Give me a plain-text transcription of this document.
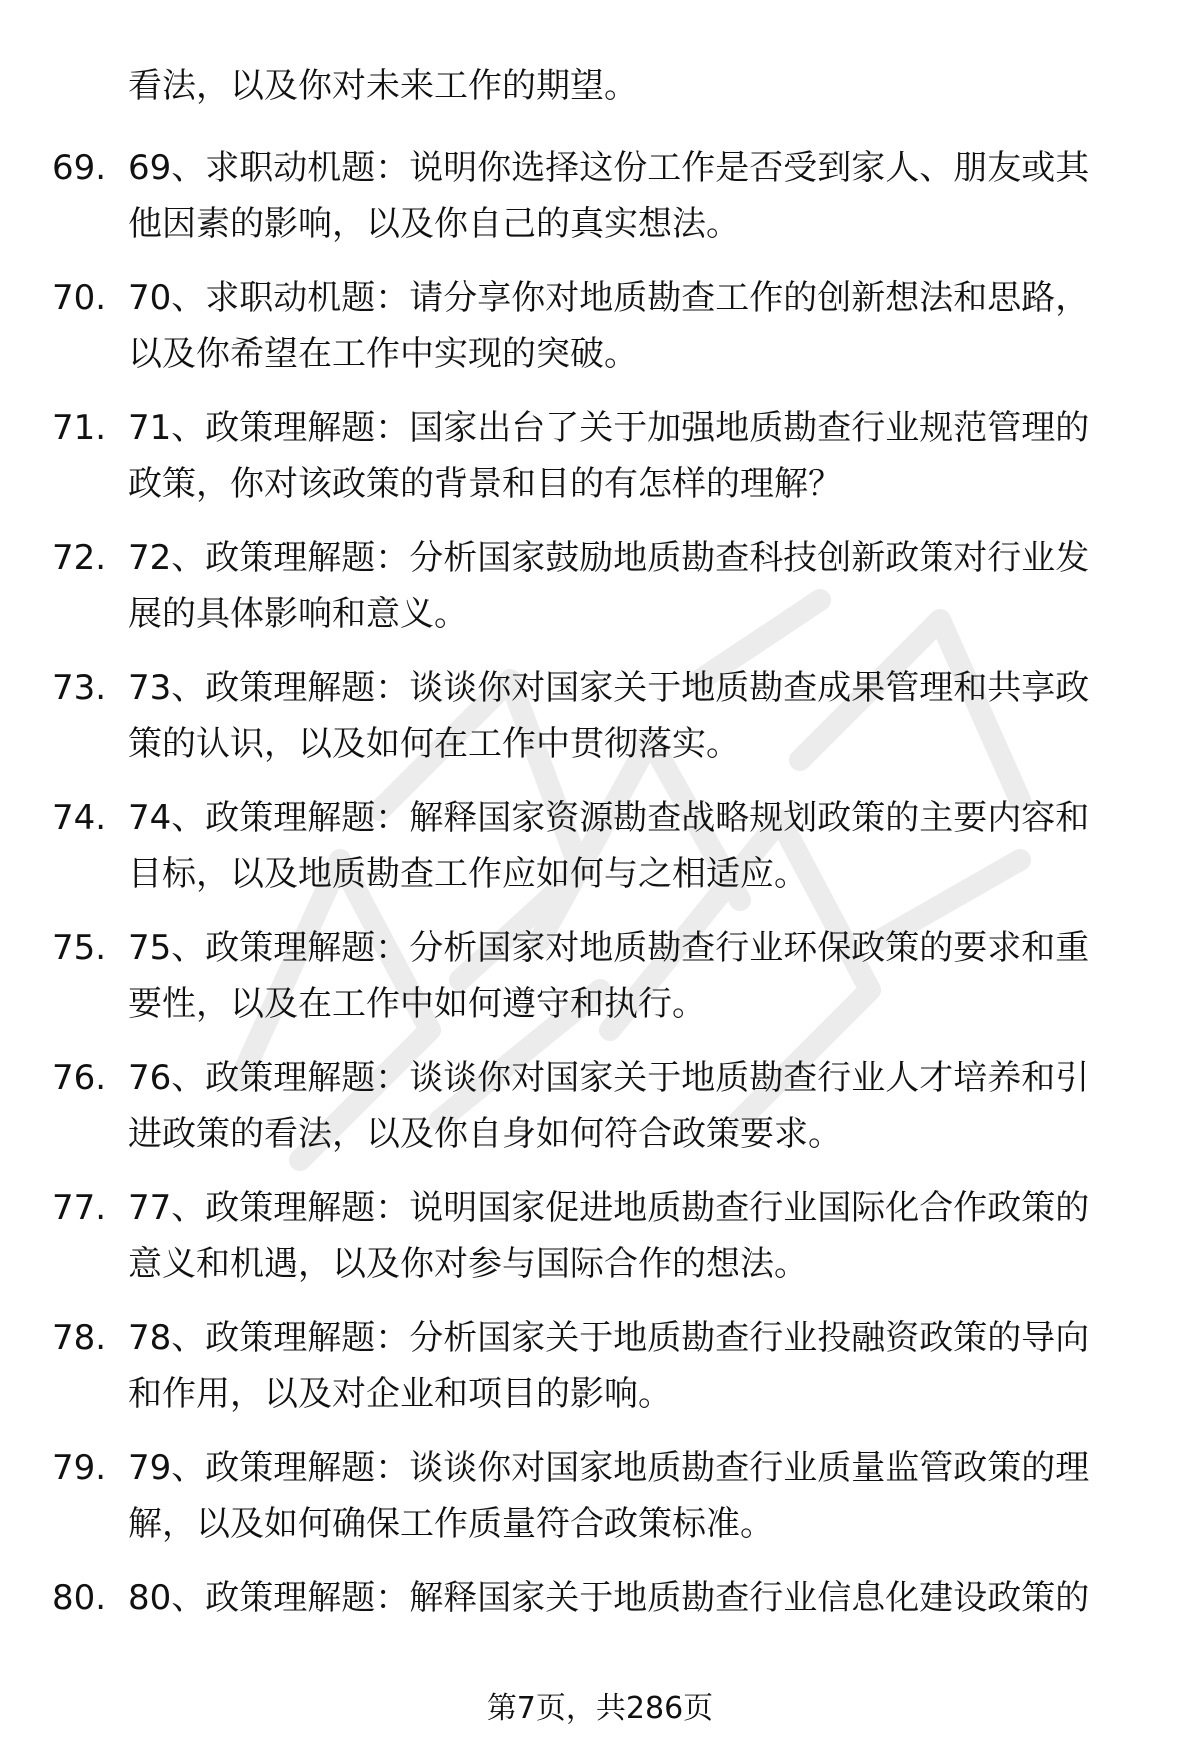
看法，以及你对未来工作的期望。
69. 69、求职动机题：说明你选择这份工作是否受到家人、朋友或其
他因素的影响，以及你自己的真实想法。
70. 70、求职动机题：请分享你对地质勘查工作的创新想法和思路，
以及你希望在工作中实现的突破。
71. 71、政策理解题：国家出台了关于加强地质勘查行业规范管理的
政策，你对该政策的背景和目的有怎样的理解？
72. 72、政策理解题：分析国家鼓励地质勘查科技创新政策对行业发
展的具体影响和意义。
73. 73、政策理解题：谈谈你对国家关于地质勘查成果管理和共享政
策的认识，以及如何在工作中贯彻落实。
74. 74、政策理解题：解释国家资源勘查战略规划政策的主要内容和
目标，以及地质勘查工作应如何与之相适应。
75. 75、政策理解题：分析国家对地质勘查行业环保政策的要求和重
要性，以及在工作中如何遵守和执行。
76. 76、政策理解题：谈谈你对国家关于地质勘查行业人才培养和引
进政策的看法，以及你自身如何符合政策要求。
77. 77、政策理解题：说明国家促进地质勘查行业国际化合作政策的
意义和机遇，以及你对参与国际合作的想法。
78. 78、政策理解题：分析国家关于地质勘查行业投融资政策的导向
和作用，以及对企业和项目的影响。
79. 79、政策理解题：谈谈你对国家地质勘查行业质量监管政策的理
解，以及如何确保工作质量符合政策标准。
80. 80、政策理解题：解释国家关于地质勘查行业信息化建设政策的
第7页，共286页
